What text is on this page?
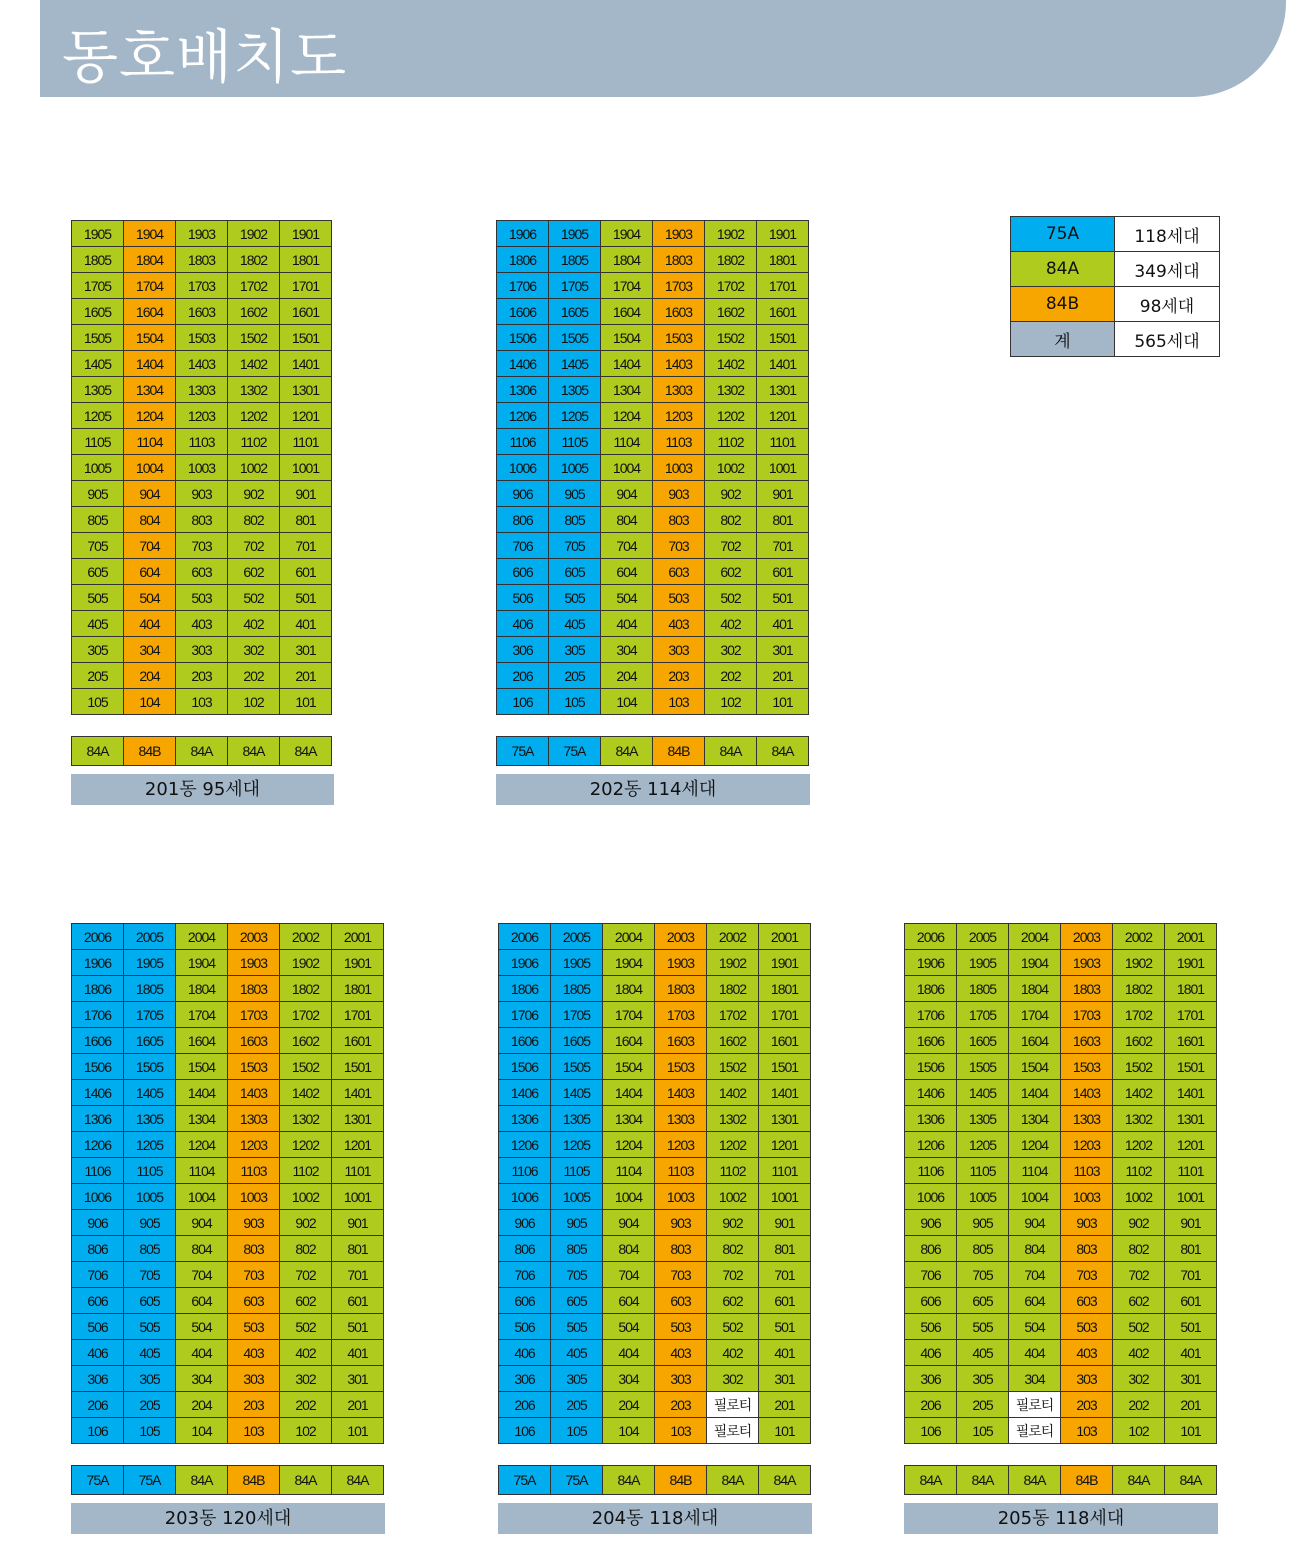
동호배치도
75A	118세대
84A	349세대
84B	98세대
계	565세대
1905	1904	1903	1902	1901
1805	1804	1803	1802	1801
1705	1704	1703	1702	1701
1605	1604	1603	1602	1601
1505	1504	1503	1502	1501
1405	1404	1403	1402	1401
1305	1304	1303	1302	1301
1205	1204	1203	1202	1201
1105	1104	1103	1102	1101
1005	1004	1003	1002	1001
905	904	903	902	901
805	804	803	802	801
705	704	703	702	701
605	604	603	602	601
505	504	503	502	501
405	404	403	402	401
305	304	303	302	301
205	204	203	202	201
105	104	103	102	101
84A	84B	84A	84A	84A
201동 95세대
1906	1905	1904	1903	1902	1901
1806	1805	1804	1803	1802	1801
1706	1705	1704	1703	1702	1701
1606	1605	1604	1603	1602	1601
1506	1505	1504	1503	1502	1501
1406	1405	1404	1403	1402	1401
1306	1305	1304	1303	1302	1301
1206	1205	1204	1203	1202	1201
1106	1105	1104	1103	1102	1101
1006	1005	1004	1003	1002	1001
906	905	904	903	902	901
806	805	804	803	802	801
706	705	704	703	702	701
606	605	604	603	602	601
506	505	504	503	502	501
406	405	404	403	402	401
306	305	304	303	302	301
206	205	204	203	202	201
106	105	104	103	102	101
75A	75A	84A	84B	84A	84A
202동 114세대
2006	2005	2004	2003	2002	2001
1906	1905	1904	1903	1902	1901
1806	1805	1804	1803	1802	1801
1706	1705	1704	1703	1702	1701
1606	1605	1604	1603	1602	1601
1506	1505	1504	1503	1502	1501
1406	1405	1404	1403	1402	1401
1306	1305	1304	1303	1302	1301
1206	1205	1204	1203	1202	1201
1106	1105	1104	1103	1102	1101
1006	1005	1004	1003	1002	1001
906	905	904	903	902	901
806	805	804	803	802	801
706	705	704	703	702	701
606	605	604	603	602	601
506	505	504	503	502	501
406	405	404	403	402	401
306	305	304	303	302	301
206	205	204	203	202	201
106	105	104	103	102	101
75A	75A	84A	84B	84A	84A
203동 120세대
2006	2005	2004	2003	2002	2001
1906	1905	1904	1903	1902	1901
1806	1805	1804	1803	1802	1801
1706	1705	1704	1703	1702	1701
1606	1605	1604	1603	1602	1601
1506	1505	1504	1503	1502	1501
1406	1405	1404	1403	1402	1401
1306	1305	1304	1303	1302	1301
1206	1205	1204	1203	1202	1201
1106	1105	1104	1103	1102	1101
1006	1005	1004	1003	1002	1001
906	905	904	903	902	901
806	805	804	803	802	801
706	705	704	703	702	701
606	605	604	603	602	601
506	505	504	503	502	501
406	405	404	403	402	401
306	305	304	303	302	301
206	205	204	203	필로티	201
106	105	104	103	필로티	101
75A	75A	84A	84B	84A	84A
204동 118세대
2006	2005	2004	2003	2002	2001
1906	1905	1904	1903	1902	1901
1806	1805	1804	1803	1802	1801
1706	1705	1704	1703	1702	1701
1606	1605	1604	1603	1602	1601
1506	1505	1504	1503	1502	1501
1406	1405	1404	1403	1402	1401
1306	1305	1304	1303	1302	1301
1206	1205	1204	1203	1202	1201
1106	1105	1104	1103	1102	1101
1006	1005	1004	1003	1002	1001
906	905	904	903	902	901
806	805	804	803	802	801
706	705	704	703	702	701
606	605	604	603	602	601
506	505	504	503	502	501
406	405	404	403	402	401
306	305	304	303	302	301
206	205	필로티	203	202	201
106	105	필로티	103	102	101
84A	84A	84A	84B	84A	84A
205동 118세대
